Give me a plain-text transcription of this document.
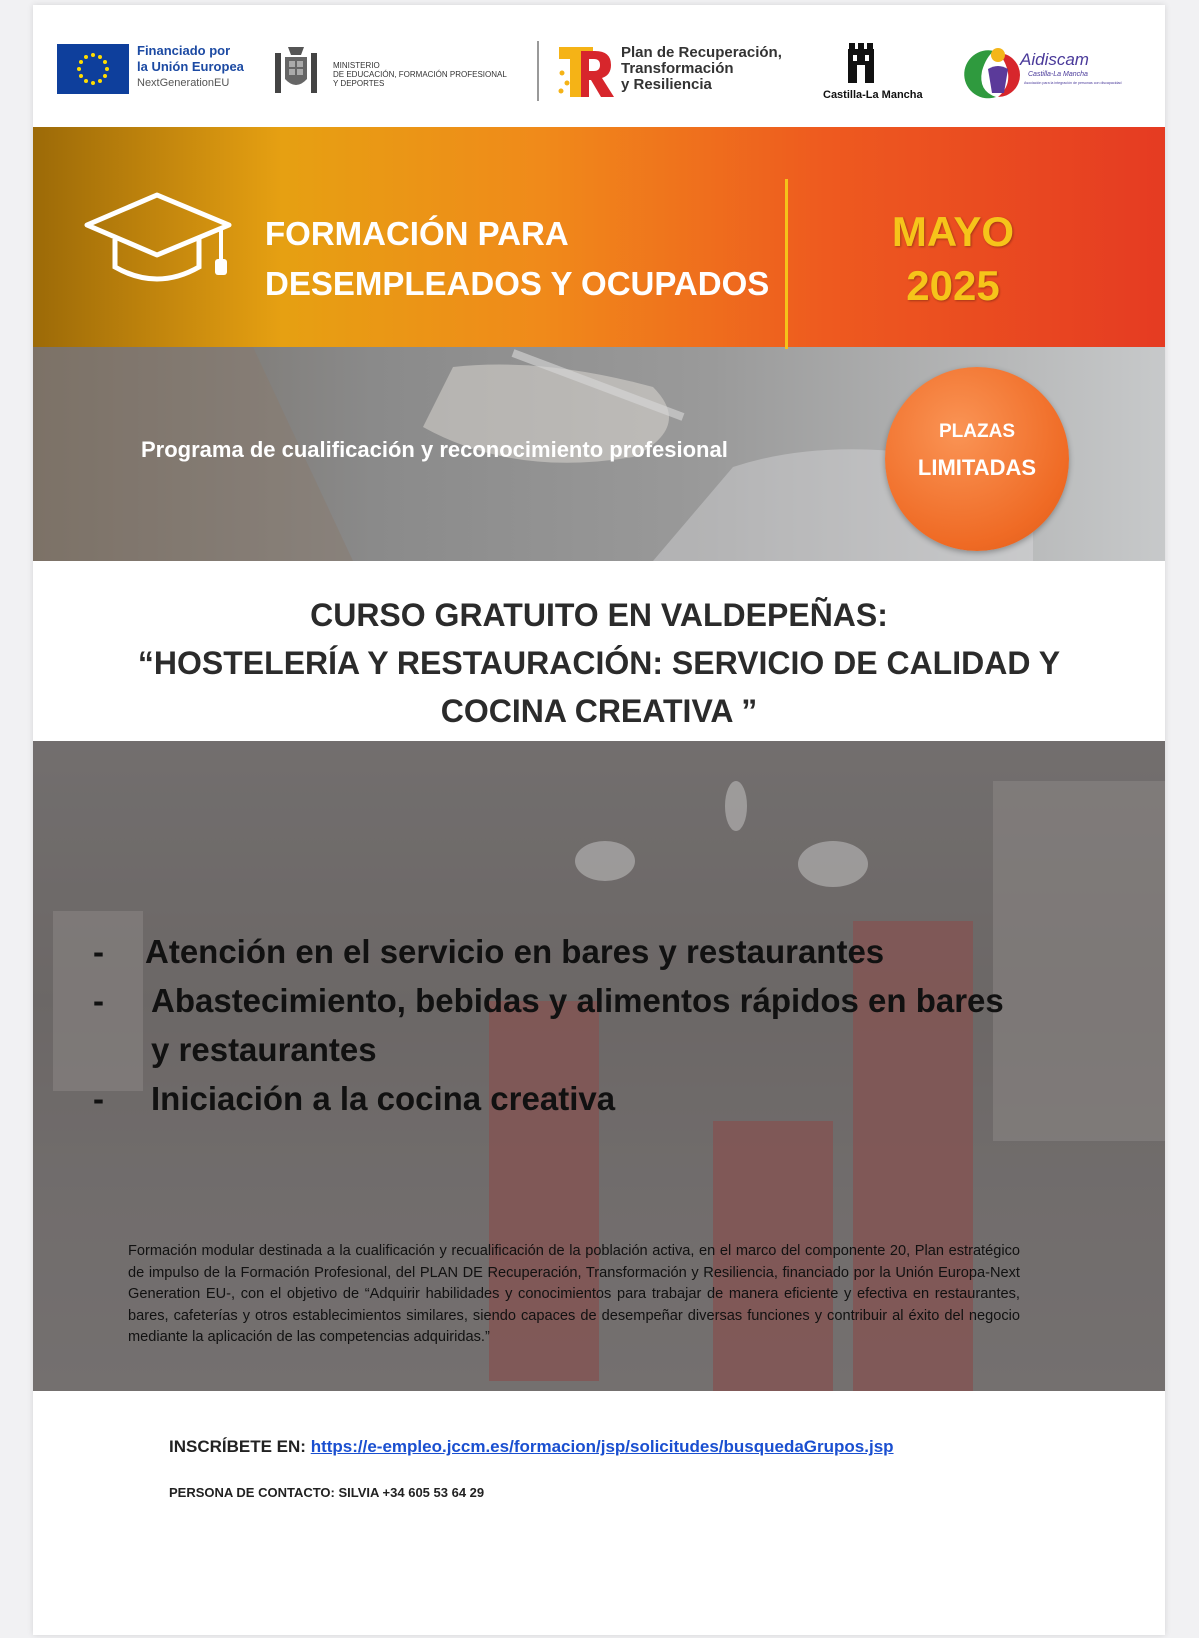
Financiado por
la Unión Europea
NextGenerationEU
MINISTERIO
DE EDUCACIÓN, FORMACIÓN PROFESIONAL
Y DEPORTES
Plan de Recuperación,
Transformación
y Resiliencia
Castilla-La Mancha
Aidiscam
Castilla-La Mancha
Asociación para la integración de personas con discapacidad
FORMACIÓN PARA
DESEMPLEADOS Y OCUPADOS
MAYO
2025
Programa de cualificación y reconocimiento profesional
PLAZAS
LIMITADAS
CURSO GRATUITO EN VALDEPEÑAS:
“HOSTELERÍA Y RESTAURACIÓN: SERVICIO DE CALIDAD Y
COCINA CREATIVA ”
- Atención en el servicio en bares y restaurantes
- Abastecimiento, bebidas y alimentos rápidos en bares
y restaurantes
- Iniciación a la cocina creativa
Formación modular destinada a la cualificación y recualificación de la población activa, en el marco del componente 20, Plan estratégico de impulso de la Formación Profesional, del PLAN DE Recuperación, Transformación y Resiliencia, financiado por la Unión Europa-Next Generation EU-, con el objetivo de “Adquirir habilidades y conocimientos para trabajar de manera eficiente y efectiva en restaurantes, bares, cafeterías y otros establecimientos similares, siendo capaces de desempeñar diversas funciones y contribuir al éxito del negocio mediante la aplicación de las competencias adquiridas.”
INSCRÍBETE EN: https://e-empleo.jccm.es/formacion/jsp/solicitudes/busquedaGrupos.jsp
PERSONA DE CONTACTO: SILVIA +34 605 53 64 29
